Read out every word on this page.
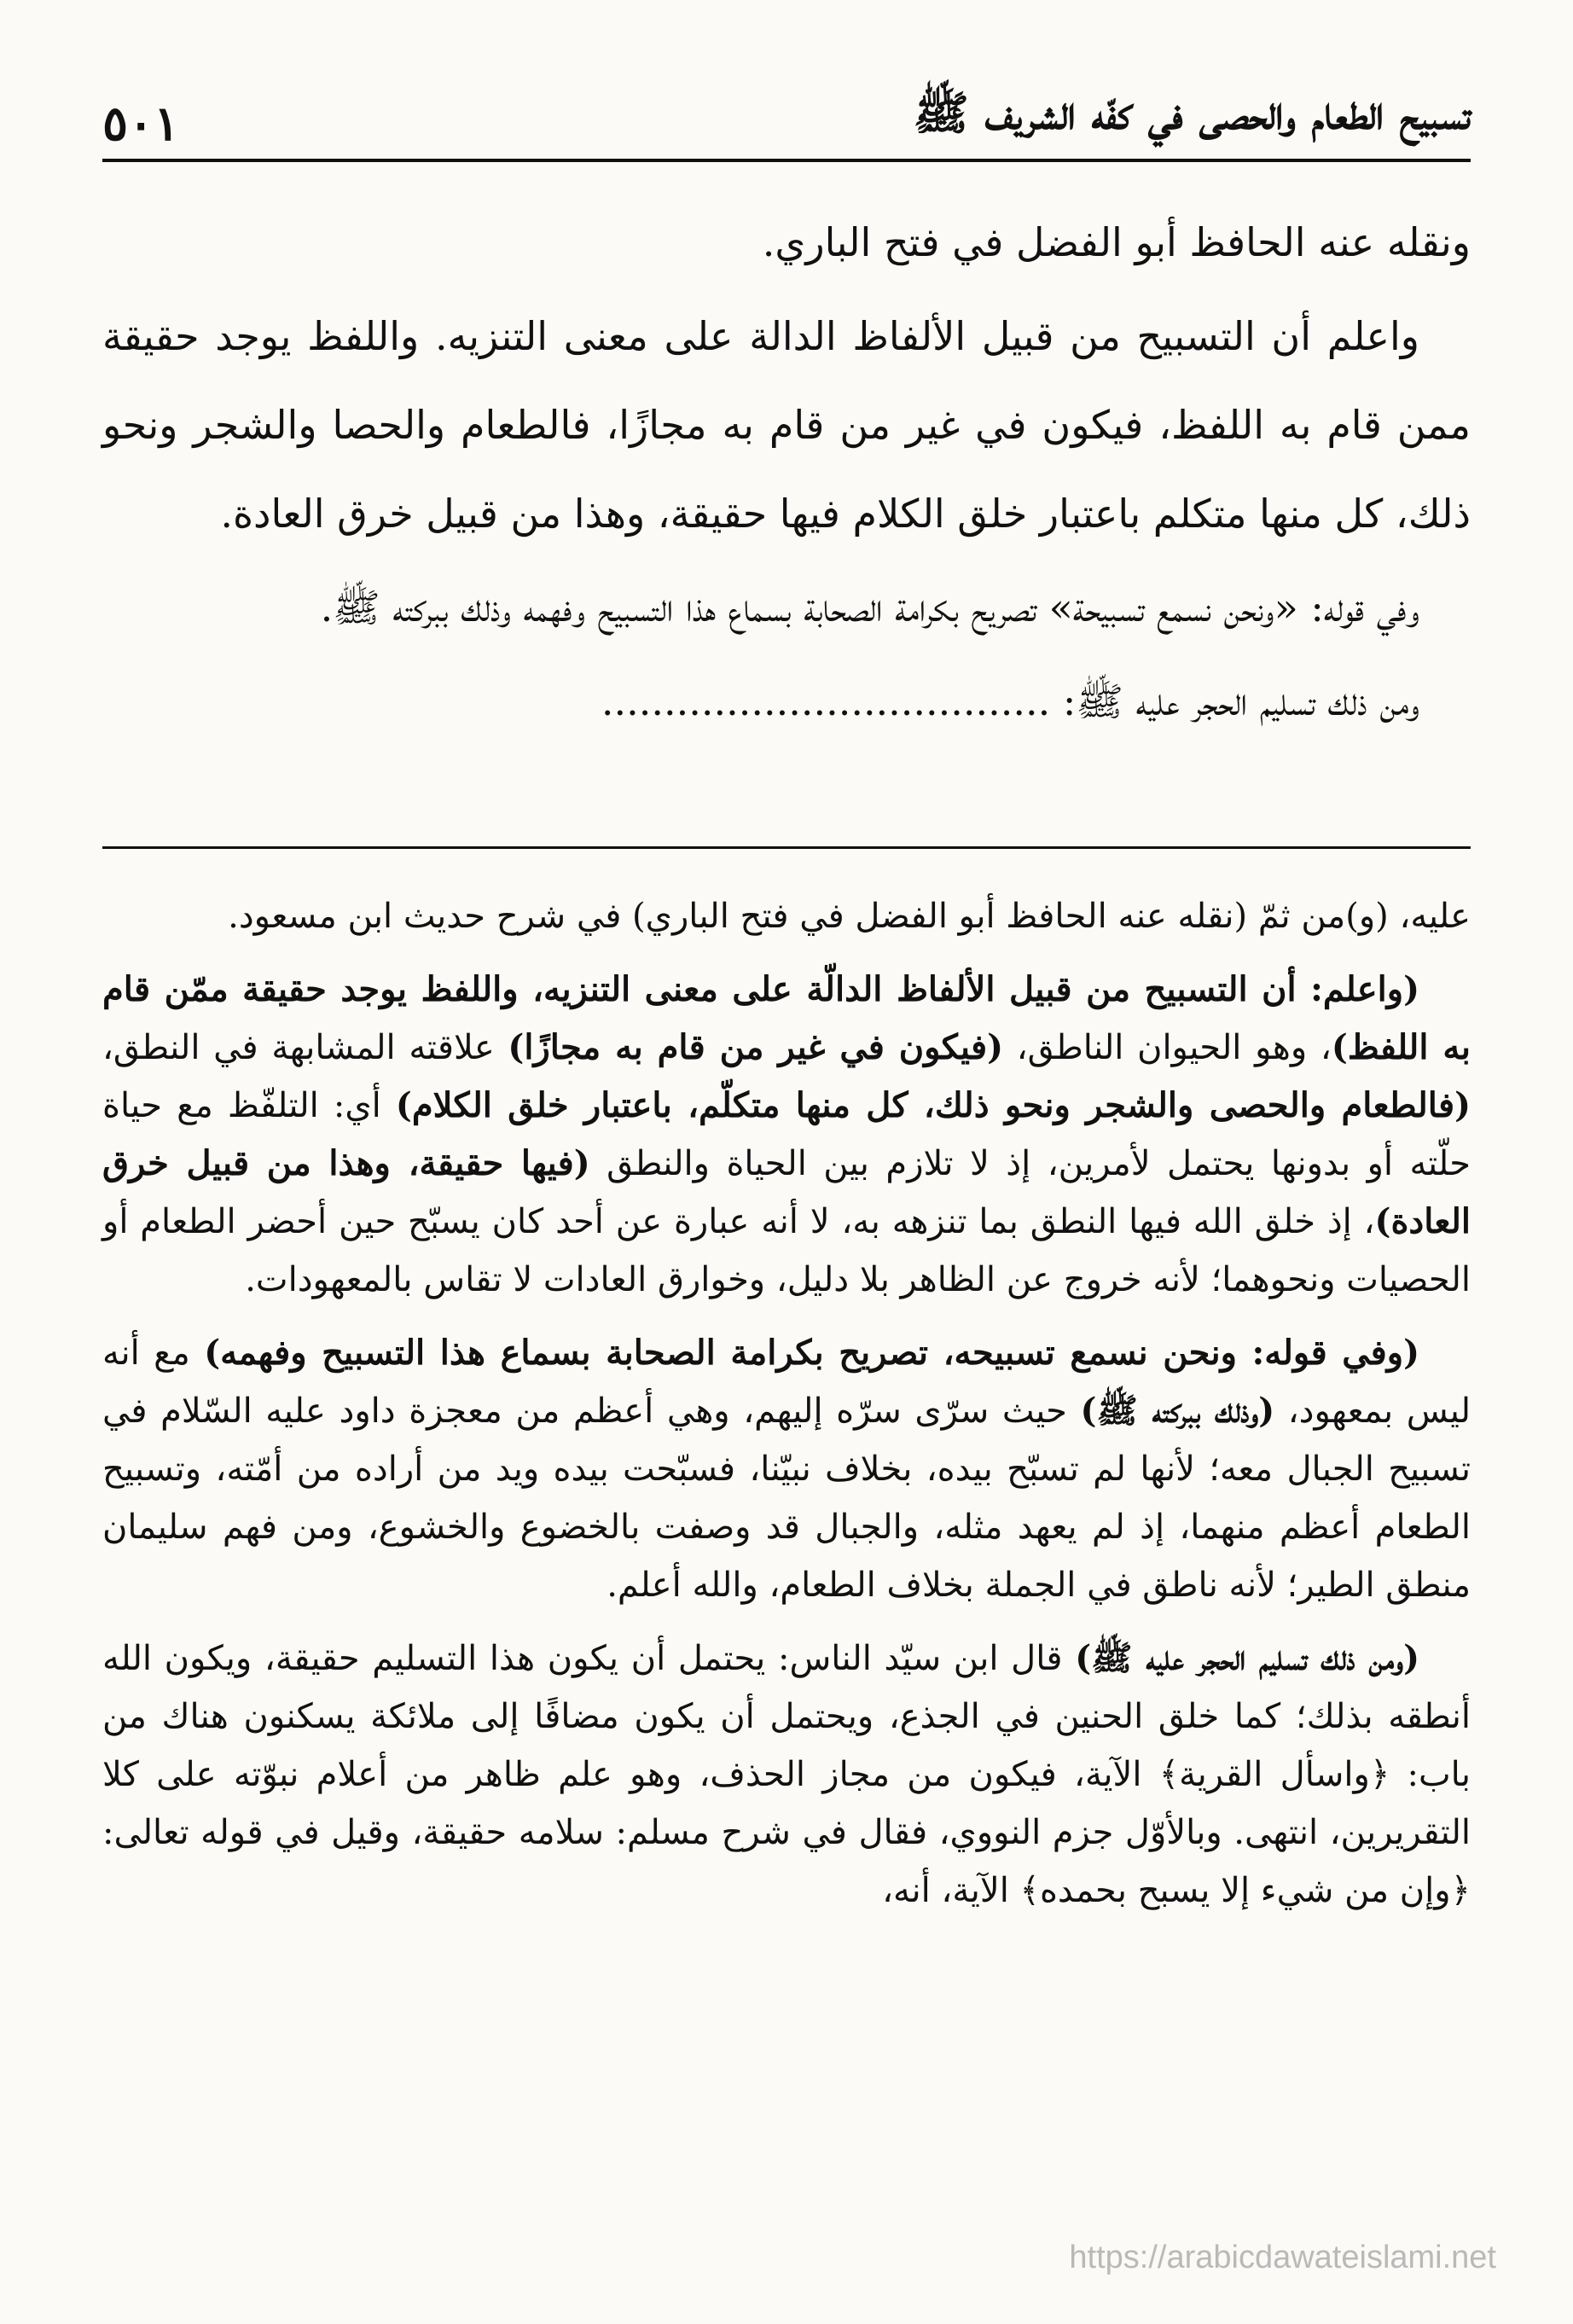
تسبيح الطعام والحصى في كفّه الشريف ﷺ
٥٠١

ونقله عنه الحافظ أبو الفضل في فتح الباري.

واعلم أن التسبيح من قبيل الألفاظ الدالة على معنى التنزيه. واللفظ يوجد حقيقة ممن قام به اللفظ، فيكون في غير من قام به مجازًا، فالطعام والحصا والشجر ونحو ذلك، كل منها متكلم باعتبار خلق الكلام فيها حقيقة، وهذا من قبيل خرق العادة.

وفي قوله: «ونحن نسمع تسبيحة» تصريح بكرامة الصحابة بسماع هذا التسبيح وفهمه وذلك ببركته ﷺ.

ومن ذلك تسليم الحجر عليه ﷺ: ....................................

عليه، (و)من ثمّ (نقله عنه الحافظ أبو الفضل في فتح الباري) في شرح حديث ابن مسعود.

(واعلم: أن التسبيح من قبيل الألفاظ الدالّة على معنى التنزيه، واللفظ يوجد حقيقة ممّن قام به اللفظ)، وهو الحيوان الناطق، (فيكون في غير من قام به مجازًا) علاقته المشابهة في النطق، (فالطعام والحصى والشجر ونحو ذلك، كل منها متكلّم، باعتبار خلق الكلام) أي: التلفّظ مع حياة حلّته أو بدونها يحتمل لأمرين، إذ لا تلازم بين الحياة والنطق (فيها حقيقة، وهذا من قبيل خرق العادة)، إذ خلق الله فيها النطق بما تنزهه به، لا أنه عبارة عن أحد كان يسبّح حين أحضر الطعام أو الحصيات ونحوهما؛ لأنه خروج عن الظاهر بلا دليل، وخوارق العادات لا تقاس بالمعهودات.

(وفي قوله: ونحن نسمع تسبيحه، تصريح بكرامة الصحابة بسماع هذا التسبيح وفهمه) مع أنه ليس بمعهود، (وذلك ببركته ﷺ) حيث سرّى سرّه إليهم، وهي أعظم من معجزة داود عليه السّلام في تسبيح الجبال معه؛ لأنها لم تسبّح بيده، بخلاف نبيّنا، فسبّحت بيده ويد من أراده من أمّته، وتسبيح الطعام أعظم منهما، إذ لم يعهد مثله، والجبال قد وصفت بالخضوع والخشوع، ومن فهم سليمان منطق الطير؛ لأنه ناطق في الجملة بخلاف الطعام، والله أعلم.

(ومن ذلك تسليم الحجر عليه ﷺ) قال ابن سيّد الناس: يحتمل أن يكون هذا التسليم حقيقة، ويكون الله أنطقه بذلك؛ كما خلق الحنين في الجذع، ويحتمل أن يكون مضافًا إلى ملائكة يسكنون هناك من باب: ﴿واسأل القرية﴾ الآية، فيكون من مجاز الحذف، وهو علم ظاهر من أعلام نبوّته على كلا التقريرين، انتهى. وبالأوّل جزم النووي، فقال في شرح مسلم: سلامه حقيقة، وقيل في قوله تعالى: ﴿وإن من شيء إلا يسبح بحمده﴾ الآية، أنه،

https://arabicdawateislami.net
